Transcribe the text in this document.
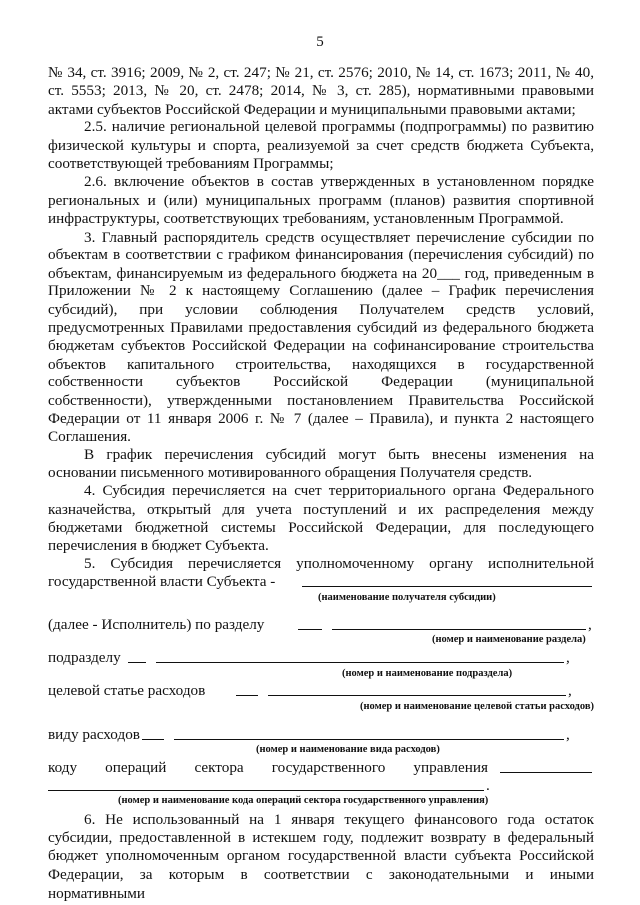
5
№ 34, ст. 3916; 2009, № 2, ст. 247; № 21, ст. 2576; 2010, № 14, ст. 1673; 2011, № 40,
ст. 5553; 2013, № 20, ст. 2478; 2014, № 3, ст. 285), нормативными правовыми
актами субъектов Российской Федерации и муниципальными правовыми актами;
2.5. наличие региональной целевой программы (подпрограммы) по развитию
физической культуры и спорта, реализуемой за счет средств бюджета Субъекта,
соответствующей требованиям Программы;
2.6. включение объектов в состав утвержденных в установленном порядке
региональных и (или) муниципальных программ (планов) развития спортивной
инфраструктуры, соответствующих требованиям, установленным Программой.
3. Главный распорядитель средств осуществляет перечисление субсидии по
объектам в соответствии с графиком финансирования (перечисления субсидий) по
объектам, финансируемым из федерального бюджета на 20___ год, приведенным в
Приложении № 2 к настоящему Соглашению (далее – График перечисления
субсидий), при условии соблюдения Получателем средств условий,
предусмотренных Правилами предоставления субсидий из федерального бюджета
бюджетам субъектов Российской Федерации на софинансирование строительства
объектов капитального строительства, находящихся в государственной
собственности субъектов Российской Федерации (муниципальной
собственности), утвержденными постановлением Правительства Российской
Федерации от 11 января 2006 г. № 7 (далее – Правила), и пункта 2 настоящего
Соглашения.
В график перечисления субсидий могут быть внесены изменения на
основании письменного мотивированного обращения Получателя средств.
4. Субсидия перечисляется на счет территориального органа Федерального
казначейства, открытый для учета поступлений и их распределения между
бюджетами бюджетной системы Российской Федерации, для последующего
перечисления в бюджет Субъекта.
5. Субсидия перечисляется уполномоченному органу исполнительной
государственной власти Субъекта -
(наименование получателя субсидии)
(далее - Исполнитель) по разделу	,
(номер и наименование раздела)
подразделу	,
(номер и наименование подраздела)
целевой статье расходов	,
(номер и наименование целевой статьи расходов)
виду расходов	,
(номер и наименование вида расходов)
коду операций сектора государственного управления
.
(номер и наименование кода операций сектора государственного управления)
6. Не использованный на 1 января текущего финансового года остаток
субсидии, предоставленной в истекшем году, подлежит возврату в федеральный
бюджет уполномоченным органом государственной власти субъекта Российской
Федерации, за которым в соответствии с законодательными и иными нормативными
